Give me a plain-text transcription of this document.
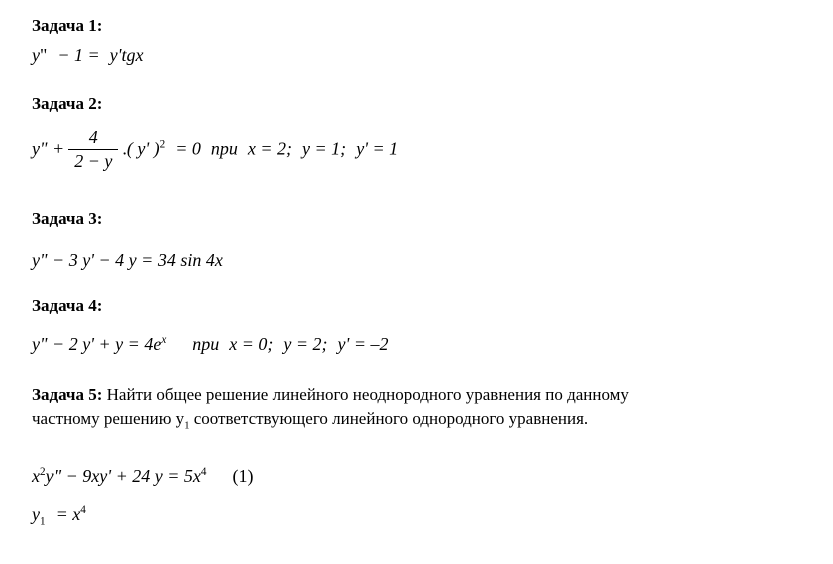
Задача 1:
y" − 1 = y'tgx
Задача 2:
y" + $\frac{4}{2 - y}$ .( y' )$^2$ = 0 при x = 2; y = 1; y' = 1
Задача 3:
y" − 3 y' − 4 y = 34 sin 4x
Задача 4:
y" − 2 $y' + y = 4e^x$ при x = 0; y = 2; y' = –2
Задача 5: Найти общее решение линейного неоднородного уравнения по данному частному решению $y_1$ соответствующего линейного однородного уравнения.
$x^2y$" − 9xy' + 24 $y = 5x^4$ (1)
$y_1 = x^4$
